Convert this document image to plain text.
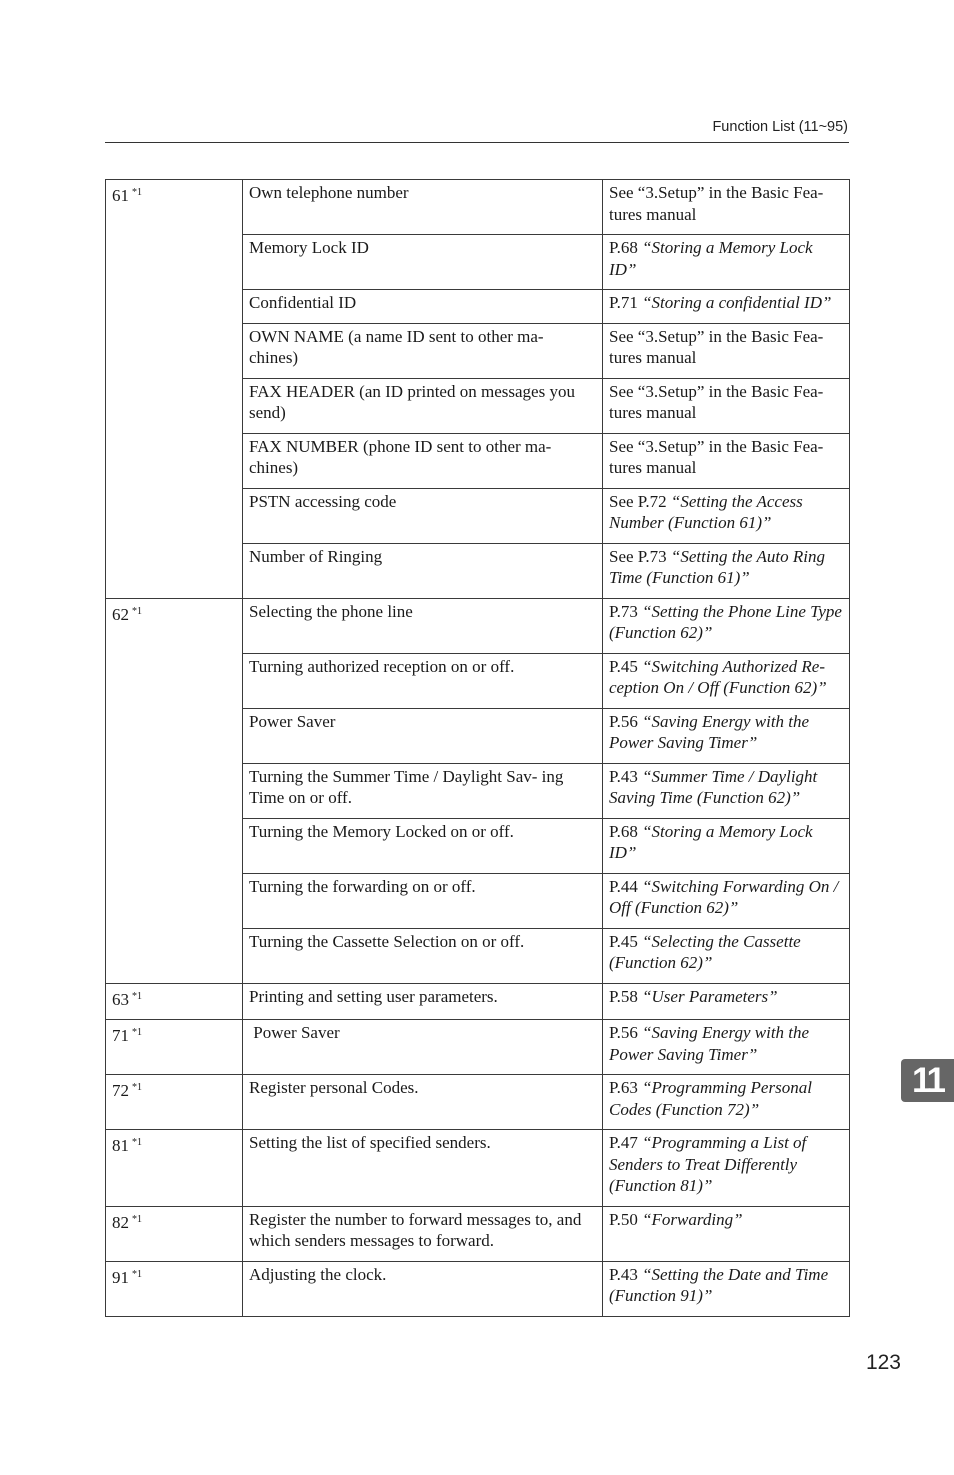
Function List (11~95)
61 $^{*1}$	Own telephone number	See “3.Setup” in the Basic Fea- tures manual
	Memory Lock ID	P.68 “Storing a Memory Lock ID”
	Confidential ID	P.71 “Storing a confidential ID”
	OWN NAME (a name ID sent to other ma- chines)	See “3.Setup” in the Basic Fea- tures manual
	FAX HEADER (an ID printed on messages you send)	See “3.Setup” in the Basic Fea- tures manual
	FAX NUMBER (phone ID sent to other ma- chines)	See “3.Setup” in the Basic Fea- tures manual
	PSTN accessing code	See P.72 “Setting the Access Number (Function 61)”
	Number of Ringing	See P.73 “Setting the Auto Ring Time (Function 61)”
62 $^{*1}$	Selecting the phone line	P.73 “Setting the Phone Line Type (Function 62)”
	Turning authorized reception on or off.	P.45 “Switching Authorized Re- ception On / Off (Function 62)”
	Power Saver	P.56 “Saving Energy with the Power Saving Timer”
	Turning the Summer Time / Daylight Sav- ing Time on or off.	P.43 “Summer Time / Daylight Saving Time (Function 62)”
	Turning the Memory Locked on or off.	P.68 “Storing a Memory Lock ID”
	Turning the forwarding on or off.	P.44 “Switching Forwarding On / Off (Function 62)”
	Turning the Cassette Selection on or off.	P.45 “Selecting the Cassette (Function 62)”
63 $^{*1}$	Printing and setting user parameters.	P.58 “User Parameters”
71 $^{*1}$	Power Saver	P.56 “Saving Energy with the Power Saving Timer”
72 $^{*1}$	Register personal Codes.	P.63 “Programming Personal Codes (Function 72)”
81 $^{*1}$	Setting the list of specified senders.	P.47 “Programming a List of Senders to Treat Differently (Function 81)”
82 $^{*1}$	Register the number to forward messages to, and which senders messages to forward.	P.50 “Forwarding”
91 $^{*1}$	Adjusting the clock.	P.43 “Setting the Date and Time (Function 91)”
11
123
